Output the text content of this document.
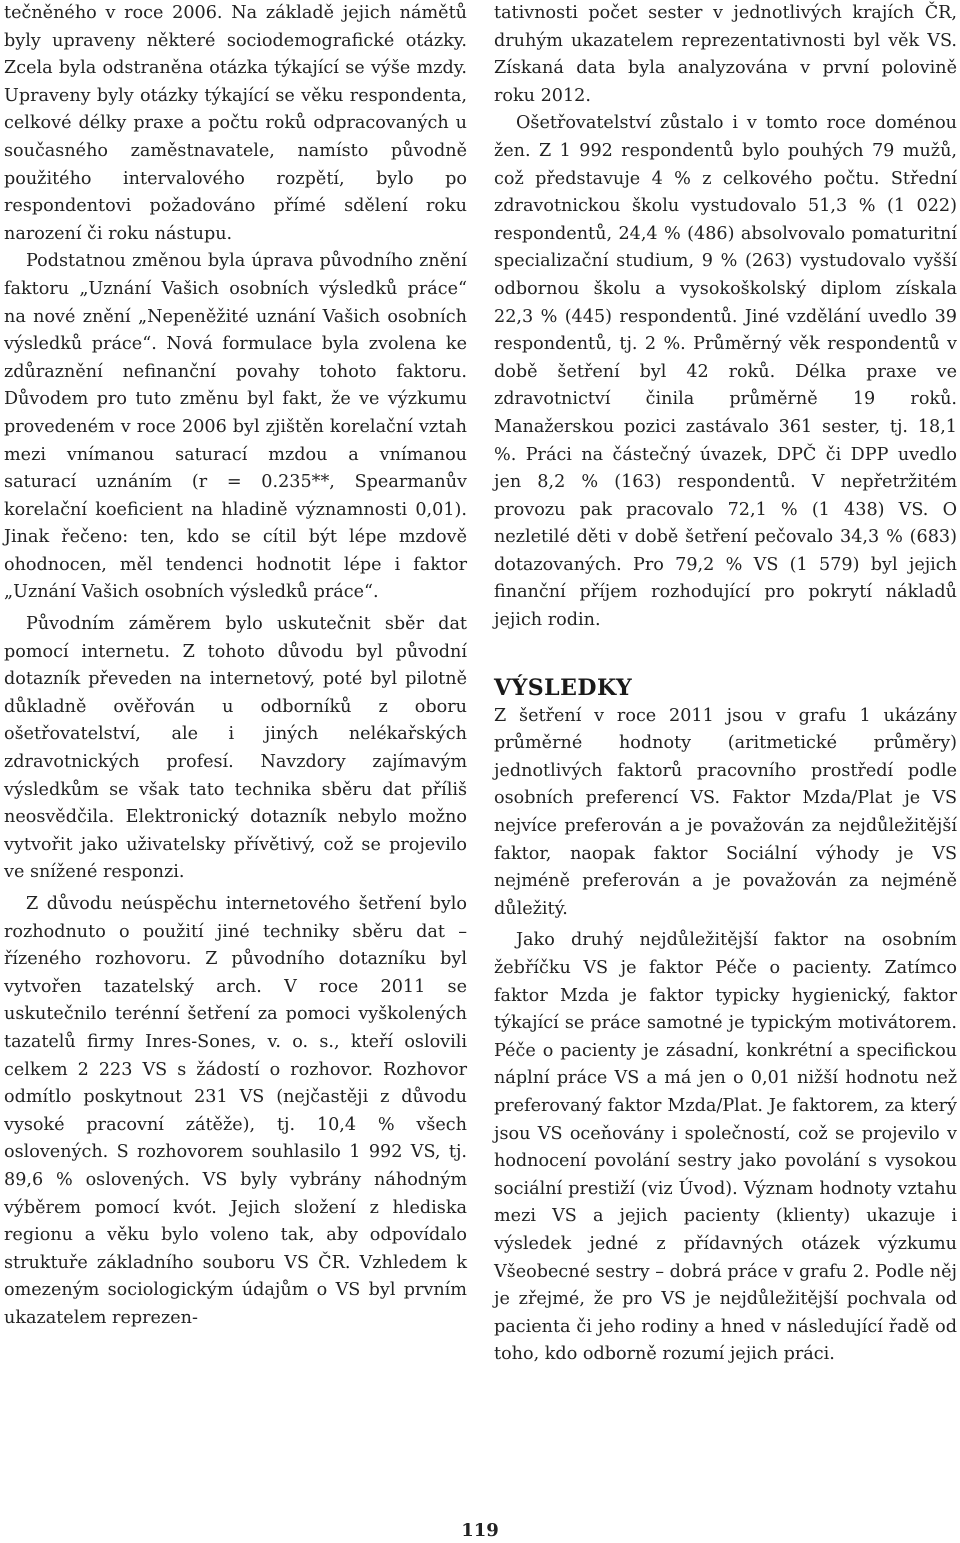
tečněného v roce 2006. Na základě jejich námětů byly upraveny některé sociodemografické otázky. Zcela byla odstraněna otázka týkající se výše mzdy. Upraveny byly otázky týkající se věku respondenta, celkové délky praxe a počtu roků odpracovaných u současného zaměstnavatele, namísto původně použitého intervalového rozpětí, bylo po respondentovi požadováno přímé sdělení roku narození či roku nástupu.

Podstatnou změnou byla úprava původního znění faktoru „Uznání Vašich osobních výsledků práce“ na nové znění „Nepeněžité uznání Vašich osobních výsledků práce“. Nová formulace byla zvolena ke zdůraznění nefinanční povahy tohoto faktoru. Důvodem pro tuto změnu byl fakt, že ve výzkumu provedeném v roce 2006 byl zjištěn korelační vztah mezi vnímanou saturací mzdou a vnímanou saturací uznáním (r = 0.235**, Spearmanův korelační koeficient na hladině významnosti 0,01). Jinak řečeno: ten, kdo se cítil být lépe mzdově ohodnocen, měl tendenci hodnotit lépe i faktor „Uznání Vašich osobních výsledků práce“.

Původním záměrem bylo uskutečnit sběr dat pomocí internetu. Z tohoto důvodu byl původní dotazník převeden na internetový, poté byl pilotně důkladně ověřován u odborníků z oboru ošetřovatelství, ale i jiných nelékařských zdravotnických profesí. Navzdory zajímavým výsledkům se však tato technika sběru dat příliš neosvědčila. Elektronický dotazník nebylo možno vytvořit jako uživatelsky přívětivý, což se projevilo ve snížené responzi.

Z důvodu neúspěchu internetového šetření bylo rozhodnuto o použití jiné techniky sběru dat – řízeného rozhovoru. Z původního dotazníku byl vytvořen tazatelský arch. V roce 2011 se uskutečnilo terénní šetření za pomoci vyškolených tazatelů firmy Inres-Sones, v. o. s., kteří oslovili celkem 2 223 VS s žádostí o rozhovor. Rozhovor odmítlo poskytnout 231 VS (nejčastěji z důvodu vysoké pracovní zátěže), tj. 10,4 % všech oslovených. S rozhovorem souhlasilo 1 992 VS, tj. 89,6 % oslovených. VS byly vybrány náhodným výběrem pomocí kvót. Jejich složení z hlediska regionu a věku bylo voleno tak, aby odpovídalo struktuře základního souboru VS ČR. Vzhledem k omezeným sociologickým údajům o VS byl prvním ukazatelem reprezen-

tativnosti počet sester v jednotlivých krajích ČR, druhým ukazatelem reprezentativnosti byl věk VS. Získaná data byla analyzována v první polovině roku 2012.

Ošetřovatelství zůstalo i v tomto roce doménou žen. Z 1 992 respondentů bylo pouhých 79 mužů, což představuje 4 % z celkového počtu. Střední zdravotnickou školu vystudovalo 51,3 % (1 022) respondentů, 24,4 % (486) absolvovalo pomaturitní specializační studium, 9 % (263) vystudovalo vyšší odbornou školu a vysokoškolský diplom získala 22,3 % (445) respondentů. Jiné vzdělání uvedlo 39 respondentů, tj. 2 %. Průměrný věk respondentů v době šetření byl 42 roků. Délka praxe ve zdravotnictví činila průměrně 19 roků. Manažerskou pozici zastávalo 361 sester, tj. 18,1 %. Práci na částečný úvazek, DPČ či DPP uvedlo jen 8,2 % (163) respondentů. V nepřetržitém provozu pak pracovalo 72,1 % (1 438) VS. O nezletilé děti v době šetření pečovalo 34,3 % (683) dotazovaných. Pro 79,2 % VS (1 579) byl jejich finanční příjem rozhodující pro pokrytí nákladů jejich rodin.

VÝSLEDKY

Z šetření v roce 2011 jsou v grafu 1 ukázány průměrné hodnoty (aritmetické průměry) jednotlivých faktorů pracovního prostředí podle osobních preferencí VS. Faktor Mzda/Plat je VS nejvíce preferován a je považován za nejdůležitější faktor, naopak faktor Sociální výhody je VS nejméně preferován a je považován za nejméně důležitý.

Jako druhý nejdůležitější faktor na osobním žebříčku VS je faktor Péče o pacienty. Zatímco faktor Mzda je faktor typicky hygienický, faktor týkající se práce samotné je typickým motivátorem. Péče o pacienty je zásadní, konkrétní a specifickou náplní práce VS a má jen o 0,01 nižší hodnotu než preferovaný faktor Mzda/Plat. Je faktorem, za který jsou VS oceňovány i společností, což se projevilo v hodnocení povolání sestry jako povolání s vysokou sociální prestiží (viz Úvod). Význam hodnoty vztahu mezi VS a jejich pacienty (klienty) ukazuje i výsledek jedné z přídavných otázek výzkumu Všeobecné sestry – dobrá práce v grafu 2. Podle něj je zřejmé, že pro VS je nejdůležitější pochvala od pacienta či jeho rodiny a hned v následující řadě od toho, kdo odborně rozumí jejich práci.

119
